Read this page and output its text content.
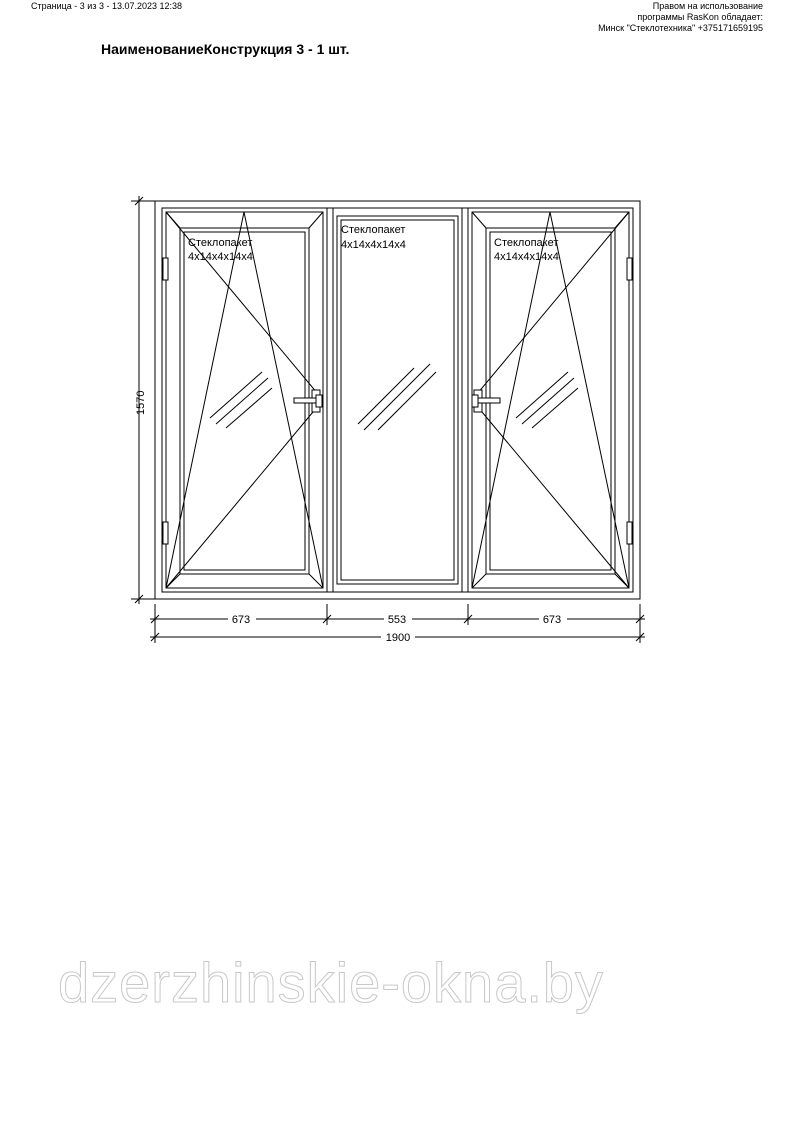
Страница - 3 из 3 - 13.07.2023 12:38	Правом на использование
программы RasKon обладает:
Минск "Стеклотехника" +375171659195
НаименованиеКонструкция 3 - 1 шт.
Стеклопакет
4x14x4x14x4
Стеклопакет
4x14x4x14x4	Стеклопакет
4x14x4x14x4
1570
673	553	673
1900
dzerzhinskie-okna.by
